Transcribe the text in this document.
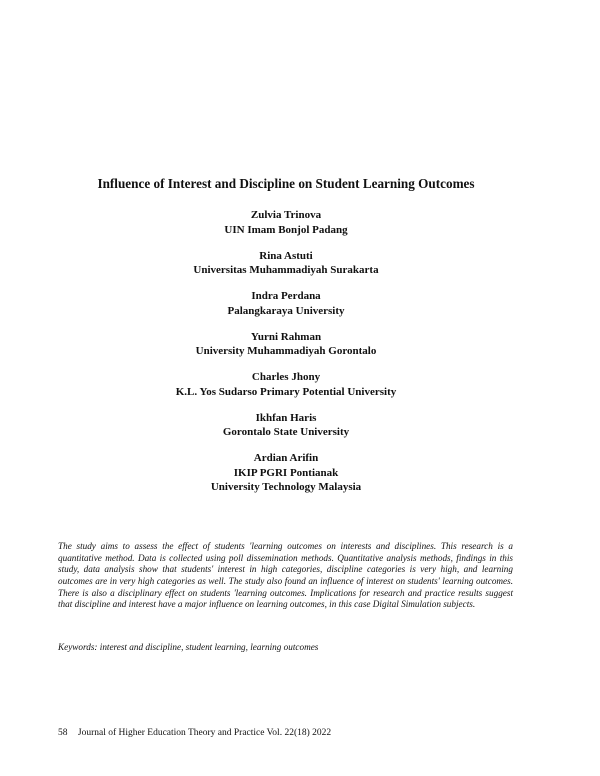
Influence of Interest and Discipline on Student Learning Outcomes
Zulvia Trinova
UIN Imam Bonjol Padang
Rina Astuti
Universitas Muhammadiyah Surakarta
Indra Perdana
Palangkaraya University
Yurni Rahman
University Muhammadiyah Gorontalo
Charles Jhony
K.L. Yos Sudarso Primary Potential University
Ikhfan Haris
Gorontalo State University
Ardian Arifin
IKIP PGRI Pontianak
University Technology Malaysia

The study aims to assess the effect of students 'learning outcomes on interests and disciplines. This research is a quantitative method. Data is collected using poll dissemination methods. Quantitative analysis methods, findings in this study, data analysis show that students' interest in high categories, discipline categories is very high, and learning outcomes are in very high categories as well. The study also found an influence of interest on students' learning outcomes. There is also a disciplinary effect on students 'learning outcomes. Implications for research and practice results suggest that discipline and interest have a major influence on learning outcomes, in this case Digital Simulation subjects.

Keywords: interest and discipline, student learning, learning outcomes

58 Journal of Higher Education Theory and Practice Vol. 22(18) 2022
